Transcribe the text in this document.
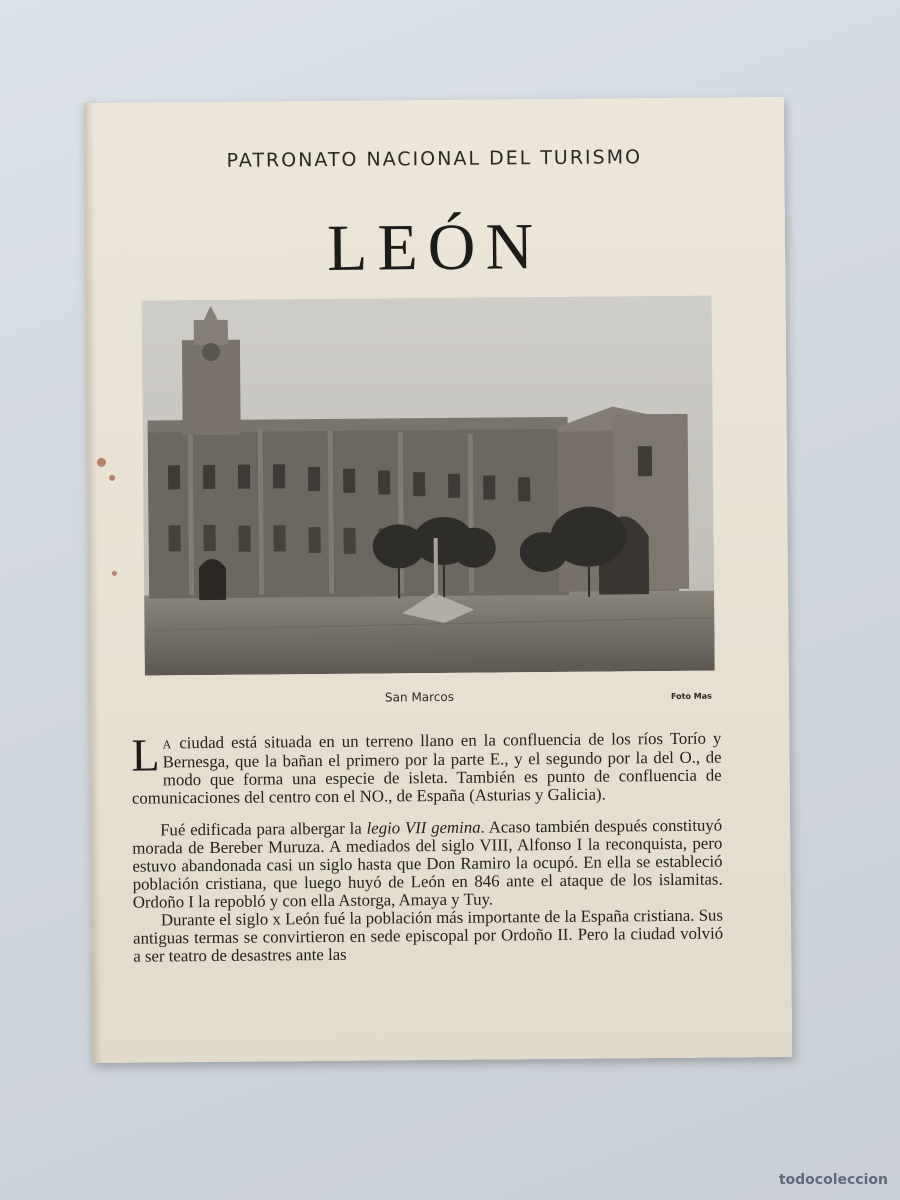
PATRONATO NACIONAL DEL TURISMO
LEÓN
San Marcos	Foto Mas

L A ciudad está situada en un terreno llano en la confluencia de los ríos Torío y Bernesga, que la bañan el primero por la parte E., y el segundo por la del O., de modo que forma una especie de isleta. También es punto de confluencia de comunicaciones del centro con el NO., de España (Asturias y Galicia).

Fué edificada para albergar la legio VII gemina. Acaso también después constituyó morada de Bereber Muruza. A mediados del siglo VIII, Alfonso I la reconquista, pero estuvo abandonada casi un siglo hasta que Don Ramiro la ocupó. En ella se estableció población cristiana, que luego huyó de León en 846 ante el ataque de los islamitas. Ordoño I la repobló y con ella Astorga, Amaya y Tuy.

Durante el siglo x León fué la población más importante de la España cristiana. Sus antiguas termas se convirtieron en sede episcopal por Ordoño II. Pero la ciudad volvió a ser teatro de desastres ante las

todocoleccion
